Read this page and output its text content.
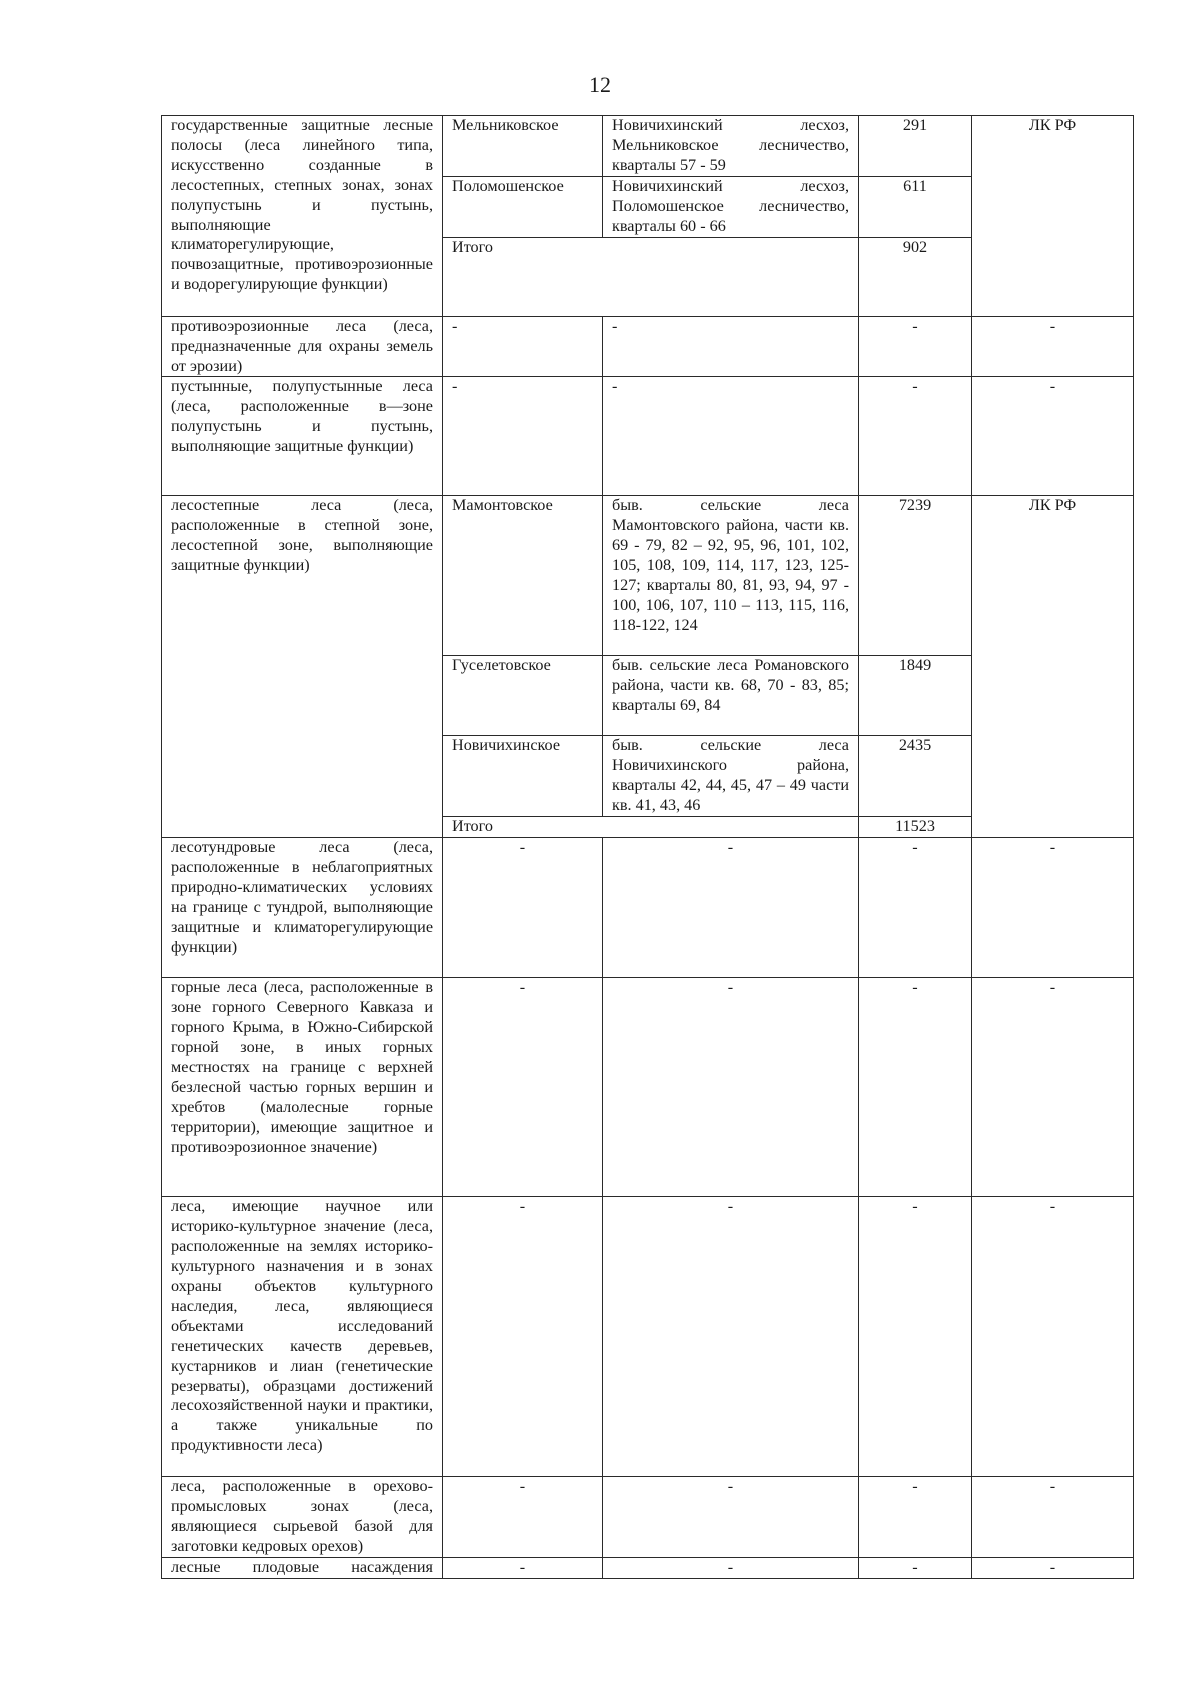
12
государственные защитные лесные полосы (леса линейного типа, искусственно созданные в лесостепных, степных зонах, зонах полупустынь и пустынь, выполняющие климаторегулирующие, почвозащитные, противоэрозионные и водорегулирующие функции)	Мельниковское	Новичихинский лесхоз, Мельниковское лесничество, кварталы 57 - 59	291	ЛК РФ
	Поломошенское	Новичихинский лесхоз, Поломошенское лесничество, кварталы 60 - 66	611	
	Итого		902	
противоэрозионные леса (леса, предназначенные для охраны земель от эрозии)	-	-	-	-
пустынные, полупустынные леса (леса, расположенные в—зоне полупустынь и пустынь, выполняющие защитные функции)	-	-	-	-
лесостепные леса (леса, расположенные в степной зоне, лесостепной зоне, выполняющие защитные функции)	Мамонтовское	быв. сельские леса Мамонтовского района, части кв. 69 - 79, 82 – 92, 95, 96, 101, 102, 105, 108, 109, 114, 117, 123, 125-127; кварталы 80, 81, 93, 94, 97 - 100, 106, 107, 110 – 113, 115, 116, 118-122, 124	7239	ЛК РФ
	Гуселетовское	быв. сельские леса Романовского района, части кв. 68, 70 - 83, 85; кварталы 69, 84	1849	
	Новичихинское	быв. сельские леса Новичихинского района, кварталы 42, 44, 45, 47 – 49 части кв. 41, 43, 46	2435	
	Итого		11523	
лесотундровые леса (леса, расположенные в неблагоприятных природно-климатических условиях на границе с тундрой, выполняющие защитные и климаторегулирующие функции)	-	-	-	-
горные леса (леса, расположенные в зоне горного Северного Кавказа и горного Крыма, в Южно-Сибирской горной зоне, в иных горных местностях на границе с верхней безлесной частью горных вершин и хребтов (малолесные горные территории), имеющие защитное и противоэрозионное значение)	-	-	-	-
леса, имеющие научное или историко-культурное значение (леса, расположенные на землях историко-культурного назначения и в зонах охраны объектов культурного наследия, леса, являющиеся объектами исследований генетических качеств деревьев, кустарников и лиан (генетические резерваты), образцами достижений лесохозяйственной науки и практики, а также уникальные по продуктивности леса)	-	-	-	-
леса, расположенные в орехово-промысловых зонах (леса, являющиеся сырьевой базой для заготовки кедровых орехов)	-	-	-	-
лесные плодовые насаждения	-	-	-	-
